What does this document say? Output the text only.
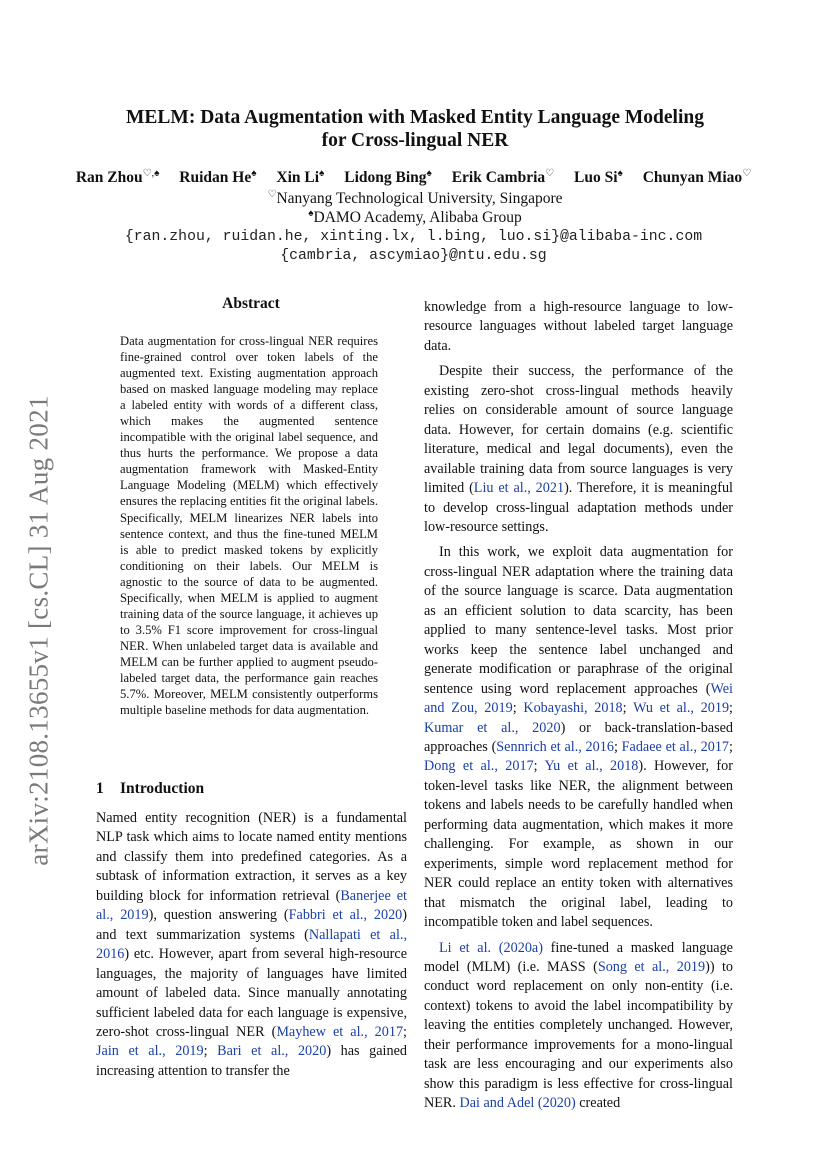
arXiv:2108.13655v1 [cs.CL] 31 Aug 2021
MELM: Data Augmentation with Masked Entity Language Modeling
for Cross-lingual NER
Ran Zhou♡,♠ Ruidan He♠ Xin Li♠ Lidong Bing♠ Erik Cambria♡ Luo Si♠ Chunyan Miao♡
♡Nanyang Technological University, Singapore
♠DAMO Academy, Alibaba Group
{ran.zhou, ruidan.he, xinting.lx, l.bing, luo.si}@alibaba-inc.com
{cambria, ascymiao}@ntu.edu.sg
Abstract
Data augmentation for cross-lingual NER requires fine-grained control over token labels of the augmented text. Existing augmentation approach based on masked language modeling may replace a labeled entity with words of a different class, which makes the augmented sentence incompatible with the original label sequence, and thus hurts the performance. We propose a data augmentation framework with Masked-Entity Language Modeling (MELM) which effectively ensures the replacing entities fit the original labels. Specifically, MELM linearizes NER labels into sentence context, and thus the fine-tuned MELM is able to predict masked tokens by explicitly conditioning on their labels. Our MELM is agnostic to the source of data to be augmented. Specifically, when MELM is applied to augment training data of the source language, it achieves up to 3.5% F1 score improvement for cross-lingual NER. When unlabeled target data is available and MELM can be further applied to augment pseudo-labeled target data, the performance gain reaches 5.7%. Moreover, MELM consistently outperforms multiple baseline methods for data augmentation.
1 Introduction

Named entity recognition (NER) is a fundamental NLP task which aims to locate named entity mentions and classify them into predefined categories. As a subtask of information extraction, it serves as a key building block for information retrieval (Banerjee et al., 2019), question answering (Fabbri et al., 2020) and text summarization systems (Nallapati et al., 2016) etc. However, apart from several high-resource languages, the majority of languages have limited amount of labeled data. Since manually annotating sufficient labeled data for each language is expensive, zero-shot cross-lingual NER (Mayhew et al., 2017; Jain et al., 2019; Bari et al., 2020) has gained increasing attention to transfer the

knowledge from a high-resource language to low-resource languages without labeled target language data.

Despite their success, the performance of the existing zero-shot cross-lingual methods heavily relies on considerable amount of source language data. However, for certain domains (e.g. scientific literature, medical and legal documents), even the available training data from source languages is very limited (Liu et al., 2021). Therefore, it is meaningful to develop cross-lingual adaptation methods under low-resource settings.

In this work, we exploit data augmentation for cross-lingual NER adaptation where the training data of the source language is scarce. Data augmentation as an efficient solution to data scarcity, has been applied to many sentence-level tasks. Most prior works keep the sentence label unchanged and generate modification or paraphrase of the original sentence using word replacement approaches (Wei and Zou, 2019; Kobayashi, 2018; Wu et al., 2019; Kumar et al., 2020) or back-translation-based approaches (Sennrich et al., 2016; Fadaee et al., 2017; Dong et al., 2017; Yu et al., 2018). However, for token-level tasks like NER, the alignment between tokens and labels needs to be carefully handled when performing data augmentation, which makes it more challenging. For example, as shown in our experiments, simple word replacement method for NER could replace an entity token with alternatives that mismatch the original label, leading to incompatible token and label sequences.

Li et al. (2020a) fine-tuned a masked language model (MLM) (i.e. MASS (Song et al., 2019)) to conduct word replacement on only non-entity (i.e. context) tokens to avoid the label incompatibility by leaving the entities completely unchanged. However, their performance improvements for a mono-lingual task are less encouraging and our experiments also show this paradigm is less effective for cross-lingual NER. Dai and Adel (2020) created
